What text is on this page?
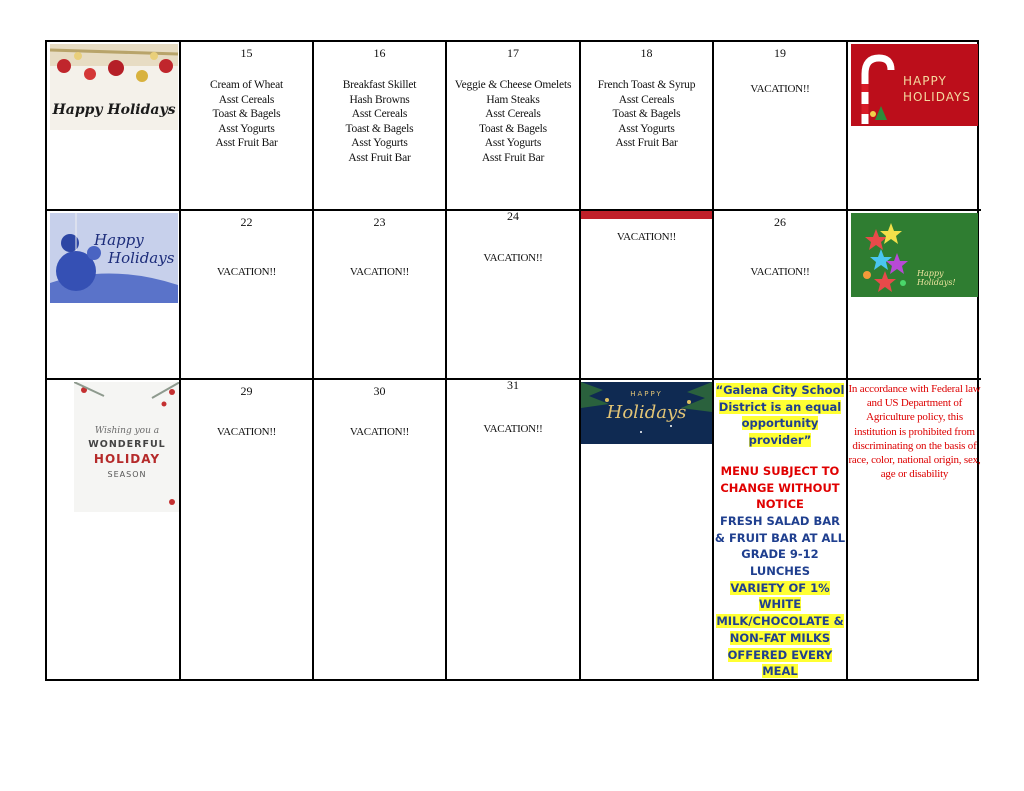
Happy Holidays
15
Cream of Wheat
Asst Cereals
Toast & Bagels
Asst Yogurts
Asst Fruit Bar
16
Breakfast Skillet
Hash Browns
Asst Cereals
Toast & Bagels
Asst Yogurts
Asst Fruit Bar
17
Veggie & Cheese Omelets
Ham Steaks
Asst Cereals
Toast & Bagels
Asst Yogurts
Asst Fruit Bar
18
French Toast & Syrup
Asst Cereals
Toast & Bagels
Asst Yogurts
Asst Fruit Bar
19
VACATION!!
HAPPY
HOLIDAYS
Happy
Holidays
22
VACATION!!
23
VACATION!!
24
VACATION!!
VACATION!!
26
VACATION!!	Happy Holidays!
Wishing you a
WONDERFUL
HOLIDAY
SEASON
29
VACATION!!
30
VACATION!!
31
VACATION!!
HAPPY
Holidays
“Galena City School District is an equal opportunity provider”
MENU SUBJECT TO CHANGE WITHOUT NOTICE
FRESH SALAD BAR & FRUIT BAR AT ALL GRADE 9-12 LUNCHES
VARIETY OF 1% WHITE MILK/CHOCOLATE & NON-FAT MILKS OFFERED EVERY MEAL
In accordance with Federal law and US Department of Agriculture policy, this institution is prohibited from discriminating on the basis of race, color, national origin, sex, age or disability
